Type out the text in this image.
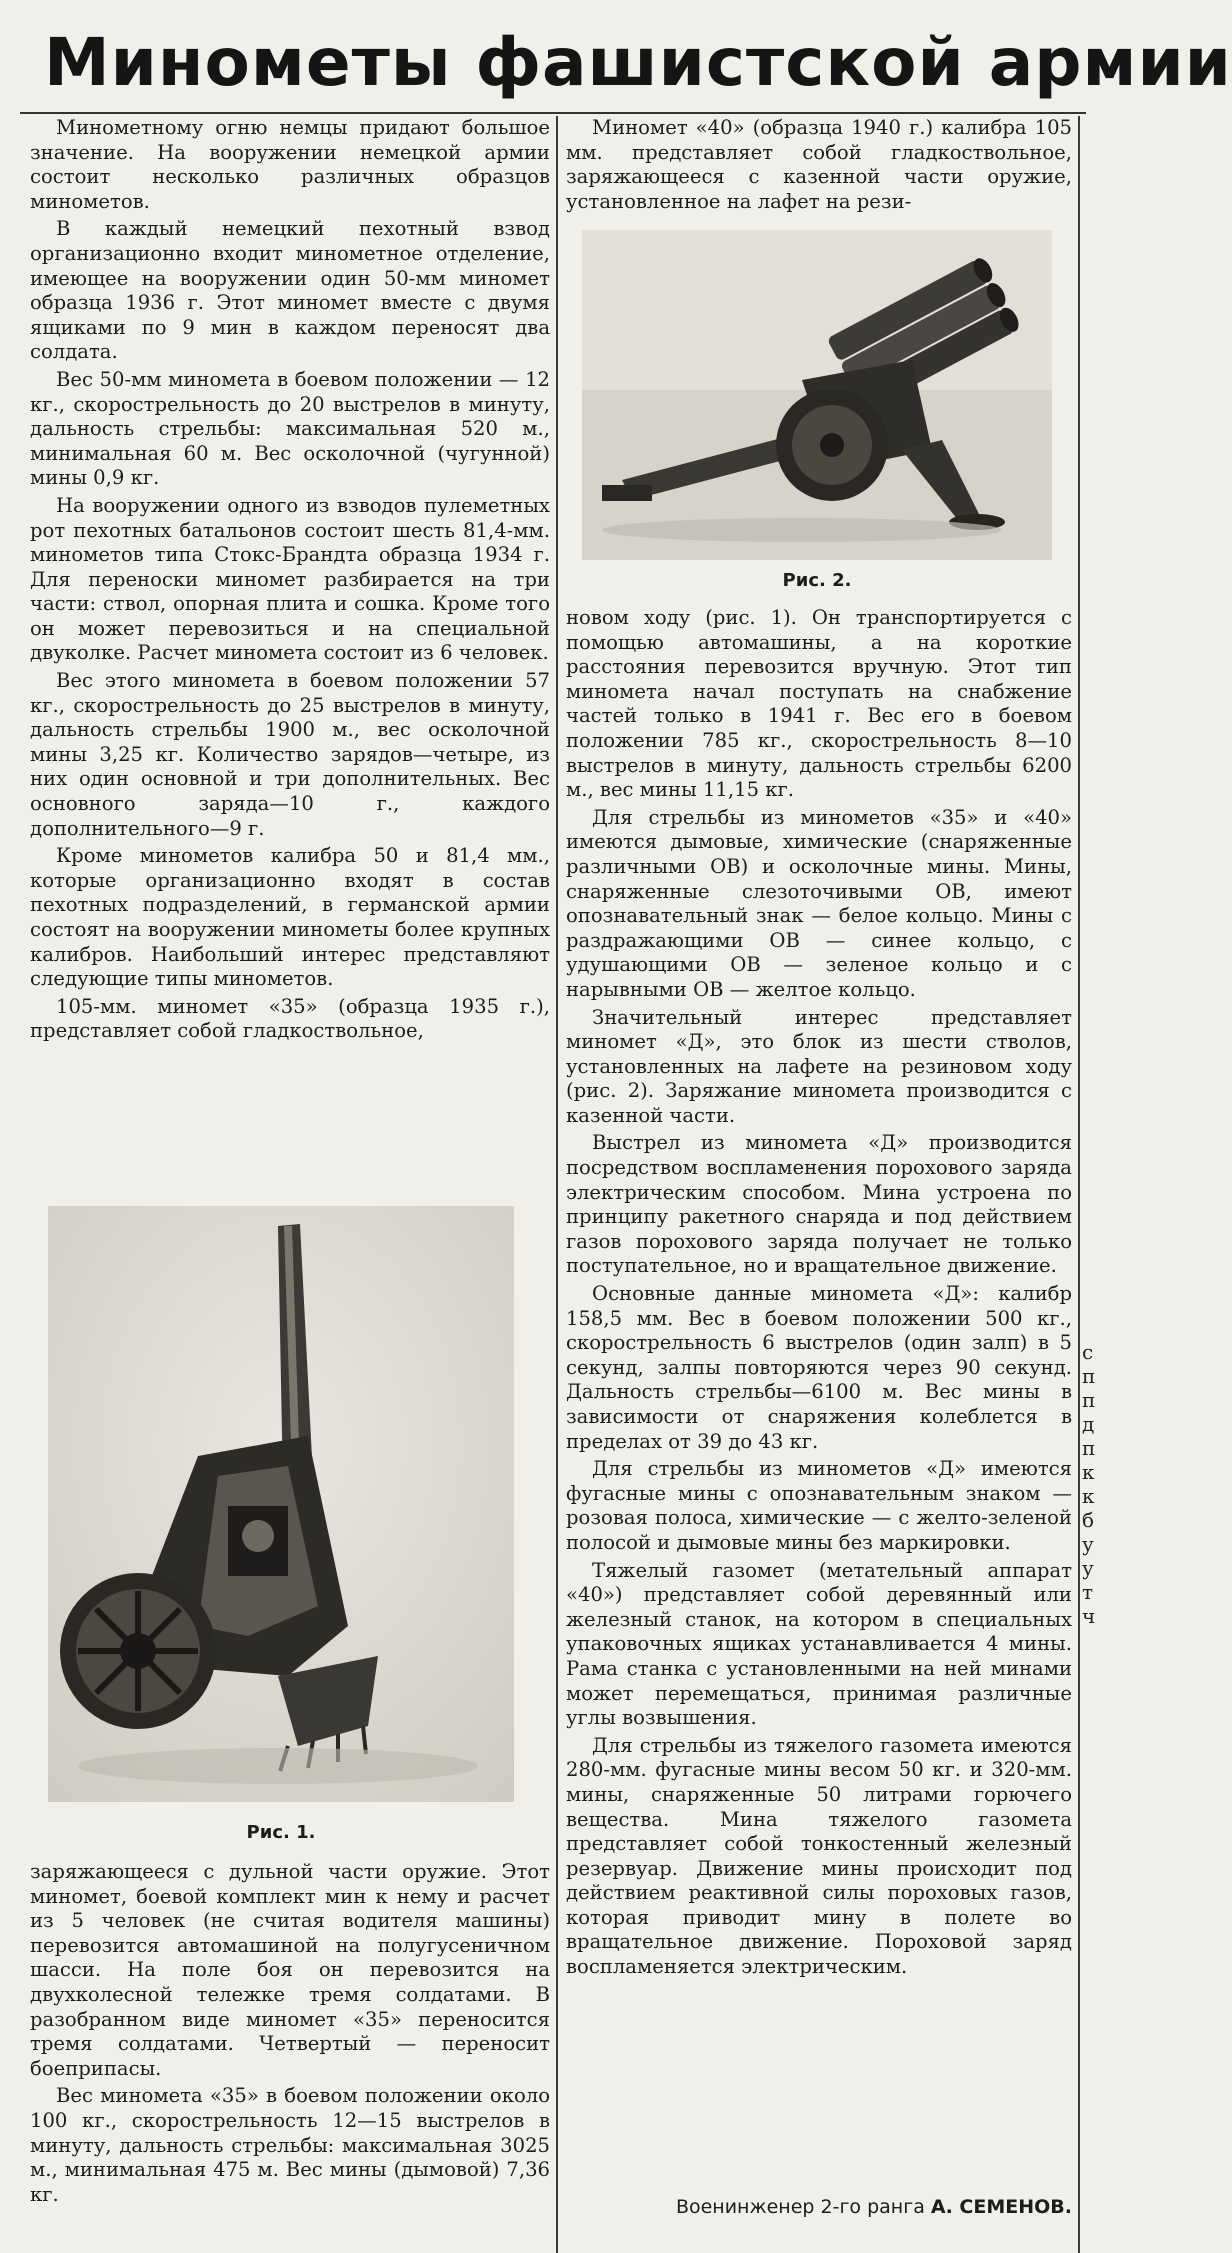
Минометы фашистской армии

Минометному огню немцы придают большое значение. На вооружении немецкой армии состоит несколько различных образцов минометов.

В каждый немецкий пехотный взвод организационно входит минометное отделение, имеющее на вооружении один 50-мм миномет образца 1936 г. Этот миномет вместе с двумя ящиками по 9 мин в каждом переносят два солдата.

Вес 50-мм миномета в боевом положении — 12 кг., скорострельность до 20 выстрелов в минуту, дальность стрельбы: максимальная 520 м., минимальная 60 м. Вес осколочной (чугунной) мины 0,9 кг.

На вооружении одного из взводов пулеметных рот пехотных батальонов состоит шесть 81,4-мм. минометов типа Стокс-Брандта образца 1934 г. Для переноски миномет разбирается на три части: ствол, опорная плита и сошка. Кроме того он может перевозиться и на специальной двуколке. Расчет миномета состоит из 6 человек.

Вес этого миномета в боевом положении 57 кг., скорострельность до 25 выстрелов в минуту, дальность стрельбы 1900 м., вес осколочной мины 3,25 кг. Количество зарядов—четыре, из них один основной и три дополнительных. Вес основного заряда—10 г., каждого дополнительного—9 г.

Кроме минометов калибра 50 и 81,4 мм., которые организационно входят в состав пехотных подразделений, в германской армии состоят на вооружении минометы более крупных калибров. Наибольший интерес представляют следующие типы минометов.

105-мм. миномет «35» (образца 1935 г.), представляет собой гладкоствольное,

Рис. 1.

заряжающееся с дульной части оружие. Этот миномет, боевой комплект мин к нему и расчет из 5 человек (не считая водителя машины) перевозится автомашиной на полугусеничном шасси. На поле боя он перевозится на двухколесной тележке тремя солдатами. В разобранном виде миномет «35» переносится тремя солдатами. Четвертый — переносит боеприпасы.

Вес миномета «35» в боевом положении около 100 кг., скорострельность 12—15 выстрелов в минуту, дальность стрельбы: максимальная 3025 м., минимальная 475 м. Вес мины (дымовой) 7,36 кг.

Миномет «40» (образца 1940 г.) калибра 105 мм. представляет собой гладкоствольное, заряжающееся с казенной части оружие, установленное на лафет на рези-

Рис. 2.

новом ходу (рис. 1). Он транспортируется с помощью автомашины, а на короткие расстояния перевозится вручную. Этот тип миномета начал поступать на снабжение частей только в 1941 г. Вес его в боевом положении 785 кг., скорострельность 8—10 выстрелов в минуту, дальность стрельбы 6200 м., вес мины 11,15 кг.

Для стрельбы из минометов «35» и «40» имеются дымовые, химические (снаряженные различными ОВ) и осколочные мины. Мины, снаряженные слезоточивыми ОВ, имеют опознавательный знак — белое кольцо. Мины с раздражающими ОВ — синее кольцо, с удушающими ОВ — зеленое кольцо и с нарывными ОВ — желтое кольцо.

Значительный интерес представляет миномет «Д», это блок из шести стволов, установленных на лафете на резиновом ходу (рис. 2). Заряжание миномета производится с казенной части.

Выстрел из миномета «Д» производится посредством воспламенения порохового заряда электрическим способом. Мина устроена по принципу ракетного снаряда и под действием газов порохового заряда получает не только поступательное, но и вращательное движение.

Основные данные миномета «Д»: калибр 158,5 мм. Вес в боевом положении 500 кг., скорострельность 6 выстрелов (один залп) в 5 секунд, залпы повторяются через 90 секунд. Дальность стрельбы—6100 м. Вес мины в зависимости от снаряжения колеблется в пределах от 39 до 43 кг.

Для стрельбы из минометов «Д» имеются фугасные мины с опознавательным знаком — розовая полоса, химические — с желто-зеленой полосой и дымовые мины без маркировки.

Тяжелый газомет (метательный аппарат «40») представляет собой деревянный или железный станок, на котором в специальных упаковочных ящиках устанавливается 4 мины. Рама станка с установленными на ней минами может перемещаться, принимая различные углы возвышения.

Для стрельбы из тяжелого газомета имеются 280-мм. фугасные мины весом 50 кг. и 320-мм. мины, снаряженные 50 литрами горючего вещества. Мина тяжелого газомета представляет собой тонкостенный железный резервуар. Движение мины происходит под действием реактивной силы пороховых газов, которая приводит мину в полете во вращательное движение. Пороховой заряд воспламеняется электрическим.

Военинженер 2-го ранга А. СЕМЕНОВ.
с п п д п к к б у у т ч
